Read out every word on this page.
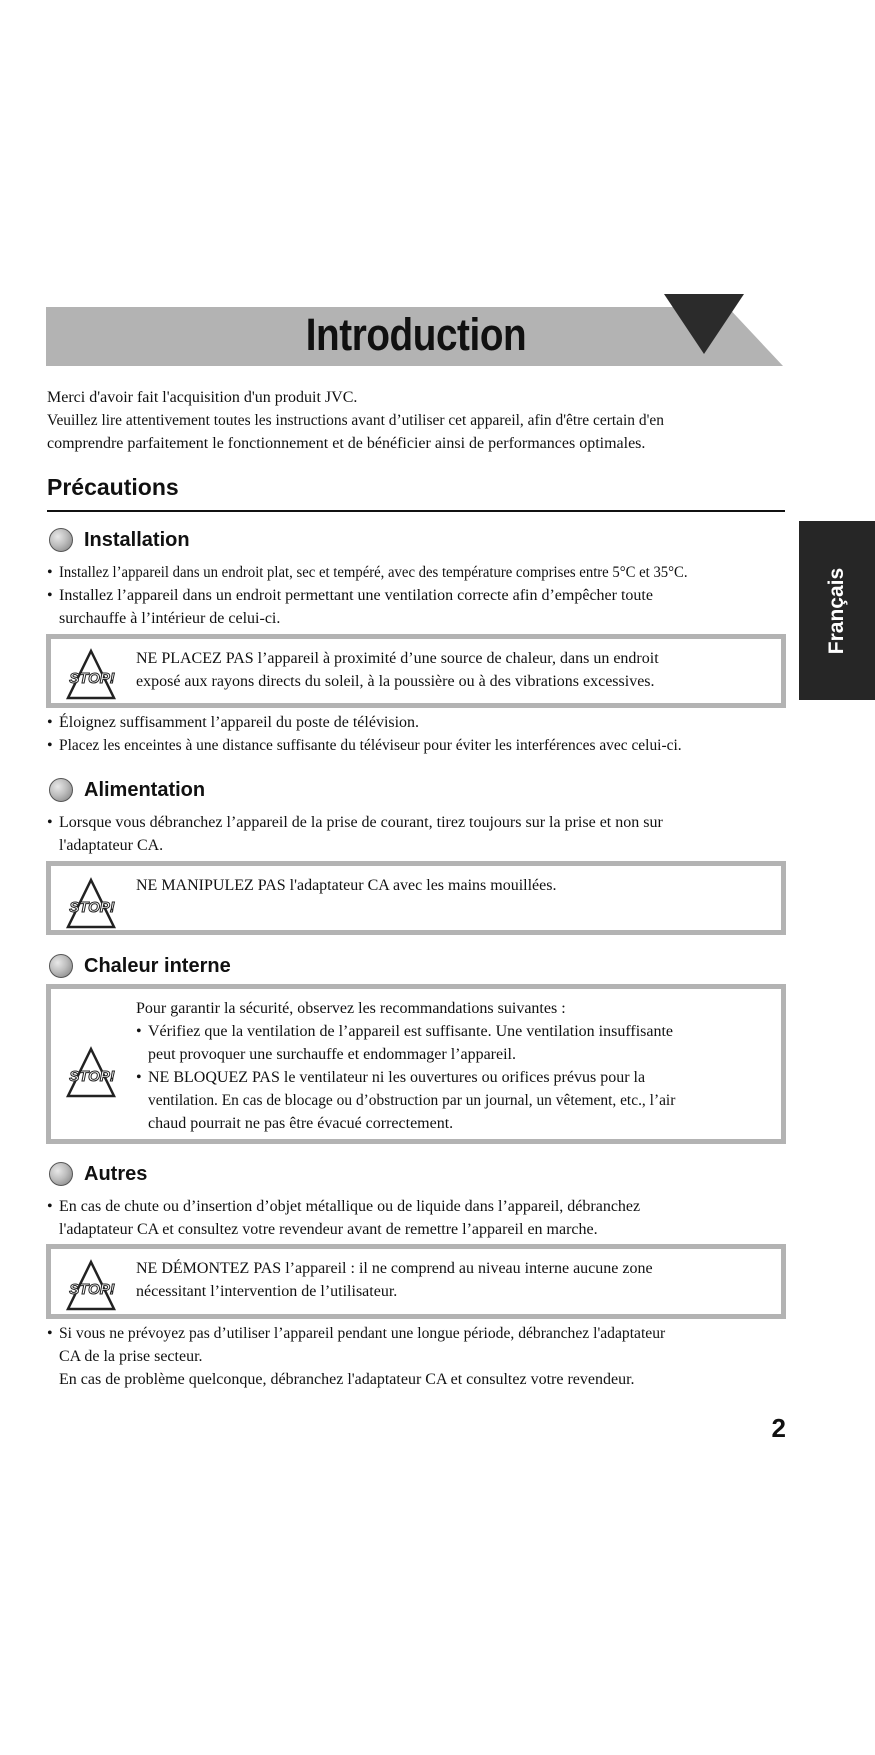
Introduction
Français
Merci d'avoir fait l'acquisition d'un produit JVC.
Veuillez lire attentivement toutes les instructions avant d’utiliser cet appareil, afin d'être certain d'en
comprendre parfaitement le fonctionnement et de bénéficier ainsi de performances optimales.
Précautions
Installation
• Installez l’appareil dans un endroit plat, sec et tempéré, avec des température comprises entre 5°C et 35°C.
• Installez l’appareil dans un endroit permettant une ventilation correcte afin d’empêcher toute
surchauffe à l’intérieur de celui-ci.
STOP!
NE PLACEZ PAS l’appareil à proximité d’une source de chaleur, dans un endroit
exposé aux rayons directs du soleil, à la poussière ou à des vibrations excessives.
• Éloignez suffisamment l’appareil du poste de télévision.
• Placez les enceintes à une distance suffisante du téléviseur pour éviter les interférences avec celui-ci.
Alimentation
• Lorsque vous débranchez l’appareil de la prise de courant, tirez toujours sur la prise et non sur
l'adaptateur CA.
STOP!
NE MANIPULEZ PAS l'adaptateur CA avec les mains mouillées.
Chaleur interne
STOP!
Pour garantir la sécurité, observez les recommandations suivantes :
• Vérifiez que la ventilation de l’appareil est suffisante. Une ventilation insuffisante
peut provoquer une surchauffe et endommager l’appareil.
• NE BLOQUEZ PAS le ventilateur ni les ouvertures ou orifices prévus pour la
ventilation. En cas de blocage ou d’obstruction par un journal, un vêtement, etc., l’air
chaud pourrait ne pas être évacué correctement.
Autres
• En cas de chute ou d’insertion d’objet métallique ou de liquide dans l’appareil, débranchez
l'adaptateur CA et consultez votre revendeur avant de remettre l’appareil en marche.
STOP!
NE DÉMONTEZ PAS l’appareil : il ne comprend au niveau interne aucune zone
nécessitant l’intervention de l’utilisateur.
• Si vous ne prévoyez pas d’utiliser l’appareil pendant une longue période, débranchez l'adaptateur
CA de la prise secteur.
En cas de problème quelconque, débranchez l'adaptateur CA et consultez votre revendeur.
2
